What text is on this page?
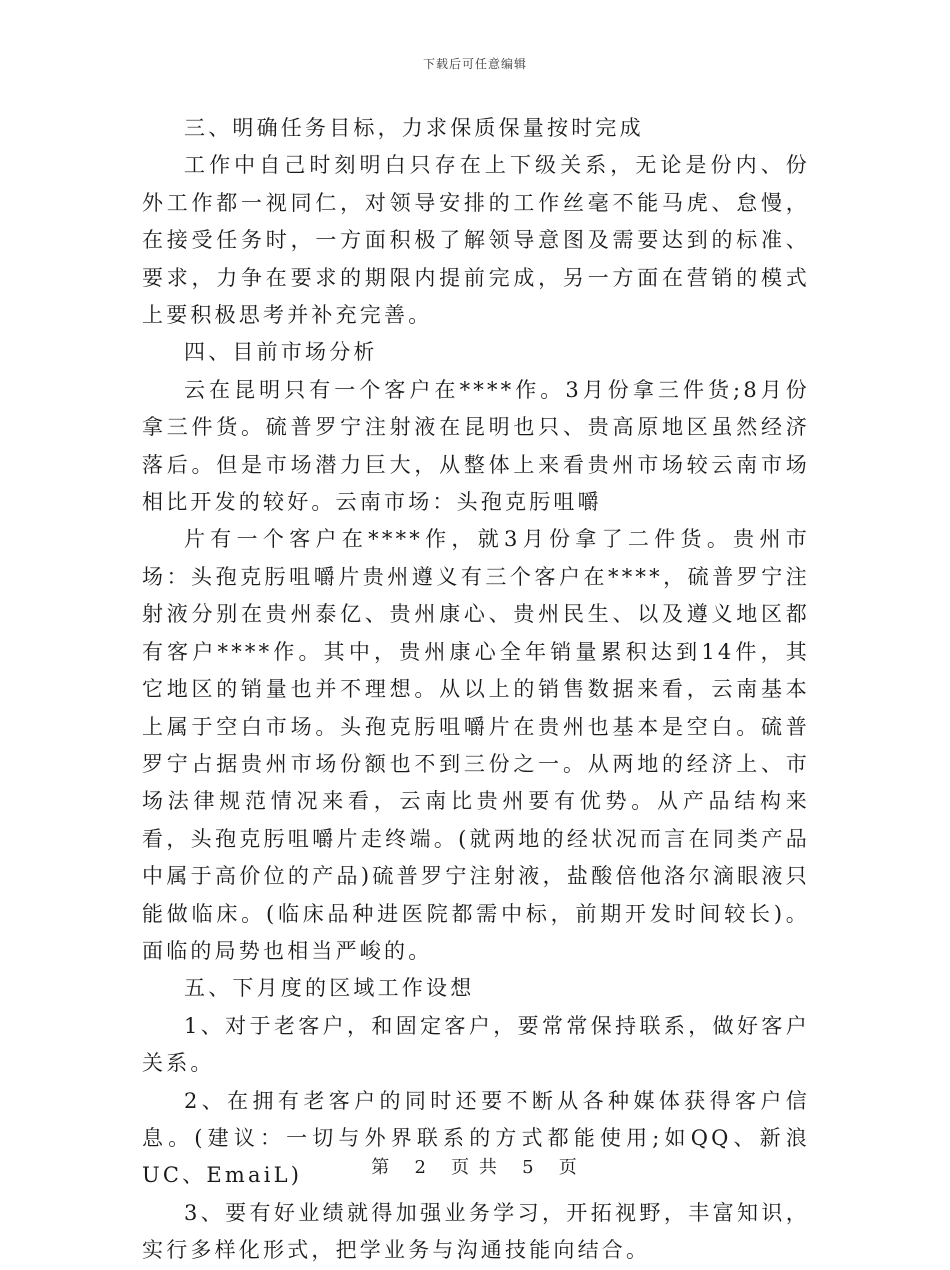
下载后可任意编辑

三、明确任务目标，力求保质保量按时完成

工作中自己时刻明白只存在上下级关系，无论是份内、份外工作都一视同仁，对领导安排的工作丝毫不能马虎、怠慢，在接受任务时，一方面积极了解领导意图及需要达到的标准、要求，力争在要求的期限内提前完成，另一方面在营销的模式上要积极思考并补充完善。

四、目前市场分析

云在昆明只有一个客户在****作。3月份拿三件货;8月份拿三件货。硫普罗宁注射液在昆明也只、贵高原地区虽然经济落后。但是市场潜力巨大，从整体上来看贵州市场较云南市场相比开发的较好。云南市场：头孢克肟咀嚼

片有一个客户在****作，就3月份拿了二件货。贵州市场：头孢克肟咀嚼片贵州遵义有三个客户在****，硫普罗宁注射液分别在贵州泰亿、贵州康心、贵州民生、以及遵义地区都有客户****作。其中，贵州康心全年销量累积达到14件，其它地区的销量也并不理想。从以上的销售数据来看，云南基本上属于空白市场。头孢克肟咀嚼片在贵州也基本是空白。硫普罗宁占据贵州市场份额也不到三份之一。从两地的经济上、市场法律规范情况来看，云南比贵州要有优势。从产品结构来看，头孢克肟咀嚼片走终端。(就两地的经状况而言在同类产品中属于高价位的产品)硫普罗宁注射液，盐酸倍他洛尔滴眼液只能做临床。(临床品种进医院都需中标，前期开发时间较长)。面临的局势也相当严峻的。

五、下月度的区域工作设想

1、对于老客户，和固定客户，要常常保持联系，做好客户关系。

2、在拥有老客户的同时还要不断从各种媒体获得客户信息。(建议：一切与外界联系的方式都能使用;如QQ、新浪UC、EmaiL)

3、要有好业绩就得加强业务学习，开拓视野，丰富知识，实行多样化形式，把学业务与沟通技能向结合。

第 2 页 共 5 页
